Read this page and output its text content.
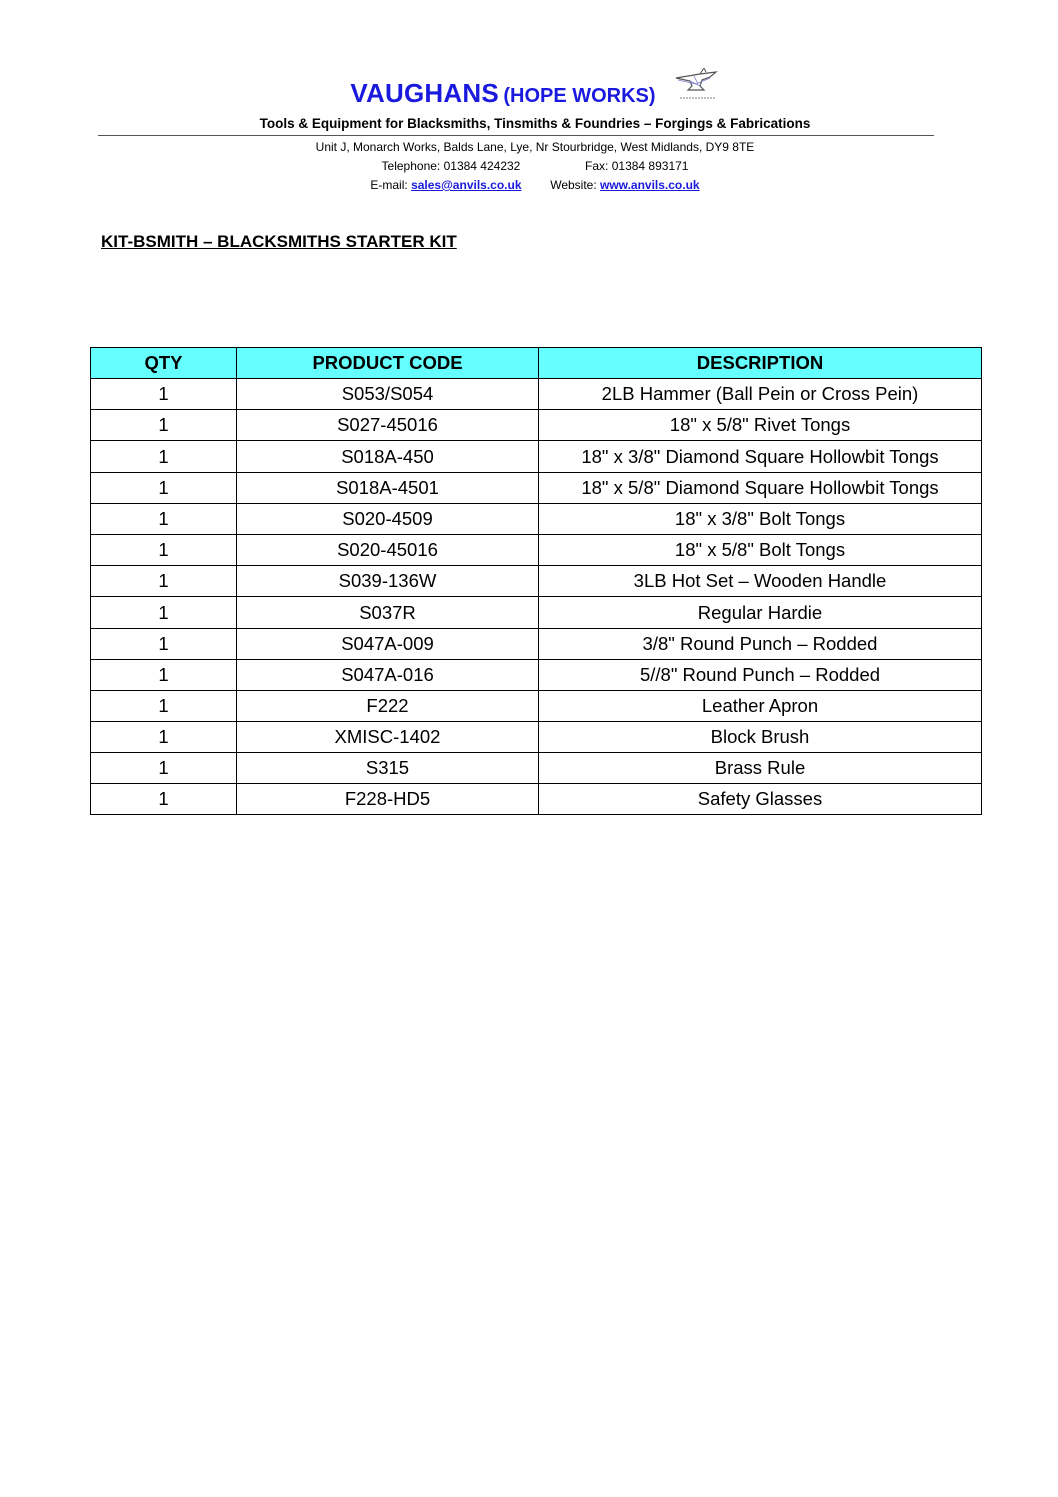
VAUGHANS (HOPE WORKS)
Tools & Equipment for Blacksmiths, Tinsmiths & Foundries – Forgings & Fabrications
Unit J, Monarch Works, Balds Lane, Lye, Nr Stourbridge, West Midlands, DY9 8TE
Telephone: 01384 424232	Fax: 01384 893171
E-mail: sales@anvils.co.uk Website: www.anvils.co.uk
KIT-BSMITH – BLACKSMITHS STARTER KIT
QTY	PRODUCT CODE	DESCRIPTION
1	S053/S054	2LB Hammer (Ball Pein or Cross Pein)
1	S027-45016	18" x 5/8" Rivet Tongs
1	S018A-450	18" x 3/8" Diamond Square Hollowbit Tongs
1	S018A-4501	18" x 5/8" Diamond Square Hollowbit Tongs
1	S020-4509	18" x 3/8" Bolt Tongs
1	S020-45016	18" x 5/8" Bolt Tongs
1	S039-136W	3LB Hot Set – Wooden Handle
1	S037R	Regular Hardie
1	S047A-009	3/8" Round Punch – Rodded
1	S047A-016	5//8" Round Punch – Rodded
1	F222	Leather Apron
1	XMISC-1402	Block Brush
1	S315	Brass Rule
1	F228-HD5	Safety Glasses
